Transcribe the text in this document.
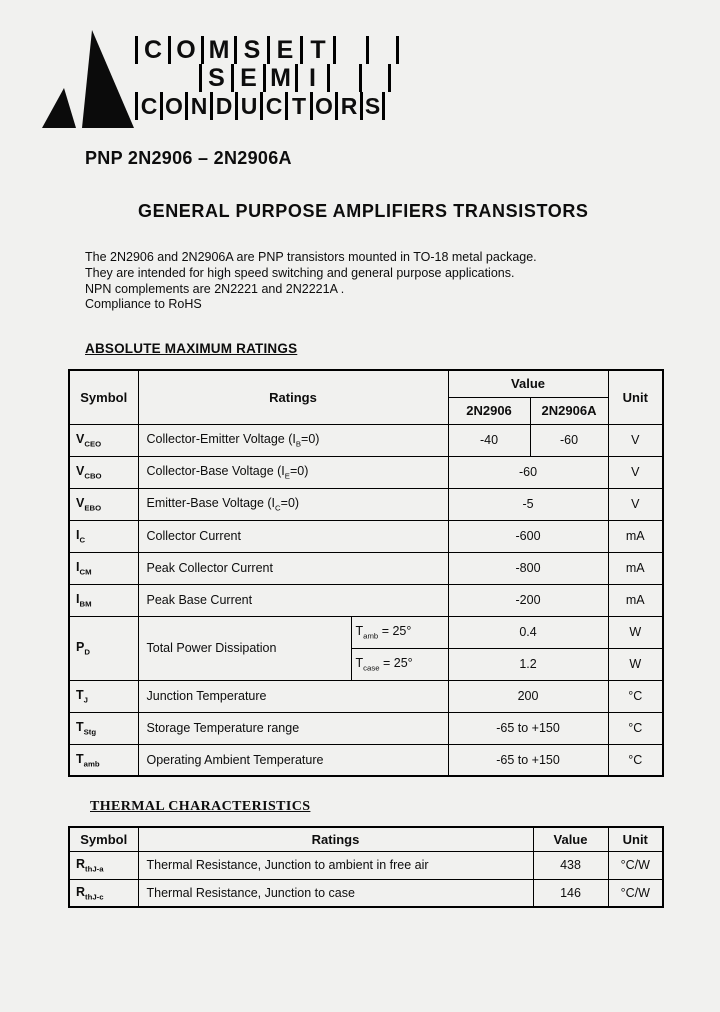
C O M S E T
S E M I
C O N D U C T O R S
PNP 2N2906 – 2N2906A
GENERAL PURPOSE AMPLIFIERS TRANSISTORS
The 2N2906 and 2N2906A are PNP transistors mounted in TO-18 metal package.
They are intended for high speed switching and general purpose applications.
NPN complements are 2N2221 and 2N2221A .
Compliance to RoHS
ABSOLUTE MAXIMUM RATINGS
Symbol	Ratings		Value		Unit
			2N2906	2N2906A	
$V_{CEO}$	Collector-Emitter Voltage $(I_B=0)$		-40	-60	V
$V_{CBO}$	Collector-Base Voltage $(I_E=0)$		-60		V
$V_{EBO}$	Emitter-Base Voltage $(I_C=0)$		-5		V
$I_C$	Collector Current		-600		mA
$I_{CM}$	Peak Collector Current		-800		mA
$I_{BM}$	Peak Base Current		-200		mA
$P_D$	Total Power Dissipation	$T_{amb} = 25^\circ$	0.4		W
		$T_{case} = 25^\circ$	1.2		W
$T_J$	Junction Temperature		200		°C
$T_{Stg}$	Storage Temperature range		-65 to +150		°C
$T_{amb}$	Operating Ambient Temperature		-65 to +150		°C
THERMAL CHARACTERISTICS
Symbol	Ratings	Value	Unit
$R_{thJ-a}$	Thermal Resistance, Junction to ambient in free air	438	°C/W
$R_{thJ-c}$	Thermal Resistance, Junction to case	146	°C/W
